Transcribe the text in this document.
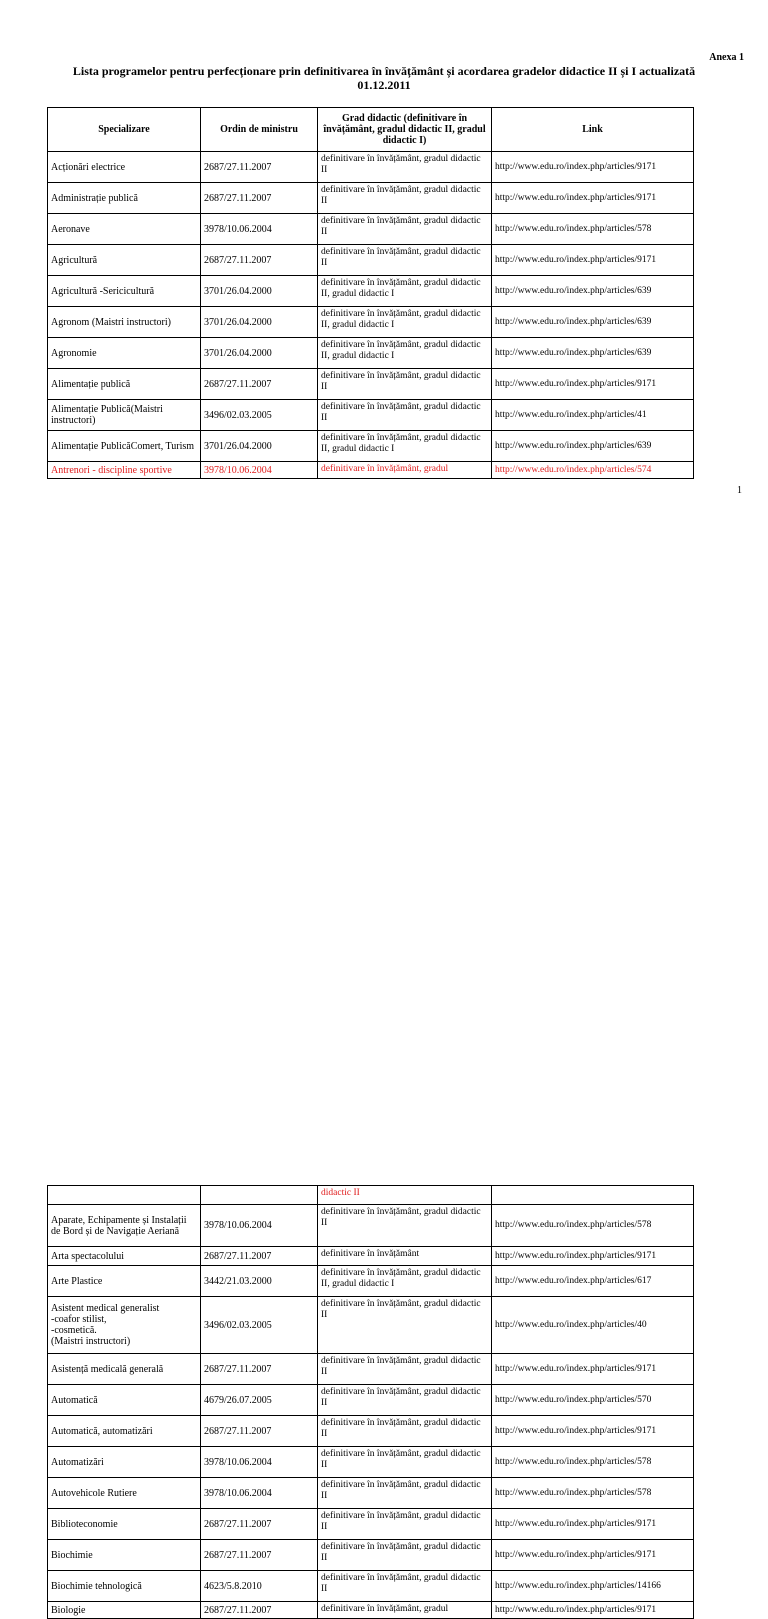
Anexa 1
Lista programelor pentru perfecționare prin definitivarea în învățământ și acordarea gradelor didactice II și I actualizată 01.12.2011
Specializare	Ordin de ministru	Grad didactic (definitivare în învățământ, gradul didactic II, gradul didactic I)	Link
Acționări electrice	2687/27.11.2007	definitivare în învățământ, gradul didactic II	http://www.edu.ro/index.php/articles/9171
Administrație publică	2687/27.11.2007	definitivare în învățământ, gradul didactic II	http://www.edu.ro/index.php/articles/9171
Aeronave	3978/10.06.2004	definitivare în învățământ, gradul didactic II	http://www.edu.ro/index.php/articles/578
Agricultură	2687/27.11.2007	definitivare în învățământ, gradul didactic II	http://www.edu.ro/index.php/articles/9171
Agricultură -Sericicultură	3701/26.04.2000	definitivare în învățământ, gradul didactic II, gradul didactic I	http://www.edu.ro/index.php/articles/639
Agronom (Maistri instructori)	3701/26.04.2000	definitivare în învățământ, gradul didactic II, gradul didactic I	http://www.edu.ro/index.php/articles/639
Agronomie	3701/26.04.2000	definitivare în învățământ, gradul didactic II, gradul didactic I	http://www.edu.ro/index.php/articles/639
Alimentație publică	2687/27.11.2007	definitivare în învățământ, gradul didactic II	http://www.edu.ro/index.php/articles/9171
Alimentație Publică(Maistri instructori)	3496/02.03.2005	definitivare în învățământ, gradul didactic II	http://www.edu.ro/index.php/articles/41
Alimentație PublicăComert, Turism	3701/26.04.2000	definitivare în învățământ, gradul didactic II, gradul didactic I	http://www.edu.ro/index.php/articles/639
Antrenori - discipline sportive	3978/10.06.2004	definitivare în învățământ, gradul	http://www.edu.ro/index.php/articles/574
1
		didactic II	
Aparate, Echipamente și Instalații de Bord și de Navigație Aeriană	3978/10.06.2004	definitivare în învățământ, gradul didactic II	http://www.edu.ro/index.php/articles/578
Arta spectacolului	2687/27.11.2007	definitivare în învățământ	http://www.edu.ro/index.php/articles/9171
Arte Plastice	3442/21.03.2000	definitivare în învățământ, gradul didactic II, gradul didactic I	http://www.edu.ro/index.php/articles/617
Asistent medical generalist
-coafor stilist,
-cosmetică.
(Maistri instructori)	3496/02.03.2005	definitivare în învățământ, gradul didactic II	http://www.edu.ro/index.php/articles/40
Asistență medicală generală	2687/27.11.2007	definitivare în învățământ, gradul didactic II	http://www.edu.ro/index.php/articles/9171
Automatică	4679/26.07.2005	definitivare în învățământ, gradul didactic II	http://www.edu.ro/index.php/articles/570
Automatică, automatizări	2687/27.11.2007	definitivare în învățământ, gradul didactic II	http://www.edu.ro/index.php/articles/9171
Automatizări	3978/10.06.2004	definitivare în învățământ, gradul didactic II	http://www.edu.ro/index.php/articles/578
Autovehicole Rutiere	3978/10.06.2004	definitivare în învățământ, gradul didactic II	http://www.edu.ro/index.php/articles/578
Biblioteconomie	2687/27.11.2007	definitivare în învățământ, gradul didactic II	http://www.edu.ro/index.php/articles/9171
Biochimie	2687/27.11.2007	definitivare în învățământ, gradul didactic II	http://www.edu.ro/index.php/articles/9171
Biochimie tehnologică	4623/5.8.2010	definitivare în învățământ, gradul didactic II	http://www.edu.ro/index.php/articles/14166
Biologie	2687/27.11.2007	definitivare în învățământ, gradul	http://www.edu.ro/index.php/articles/9171
